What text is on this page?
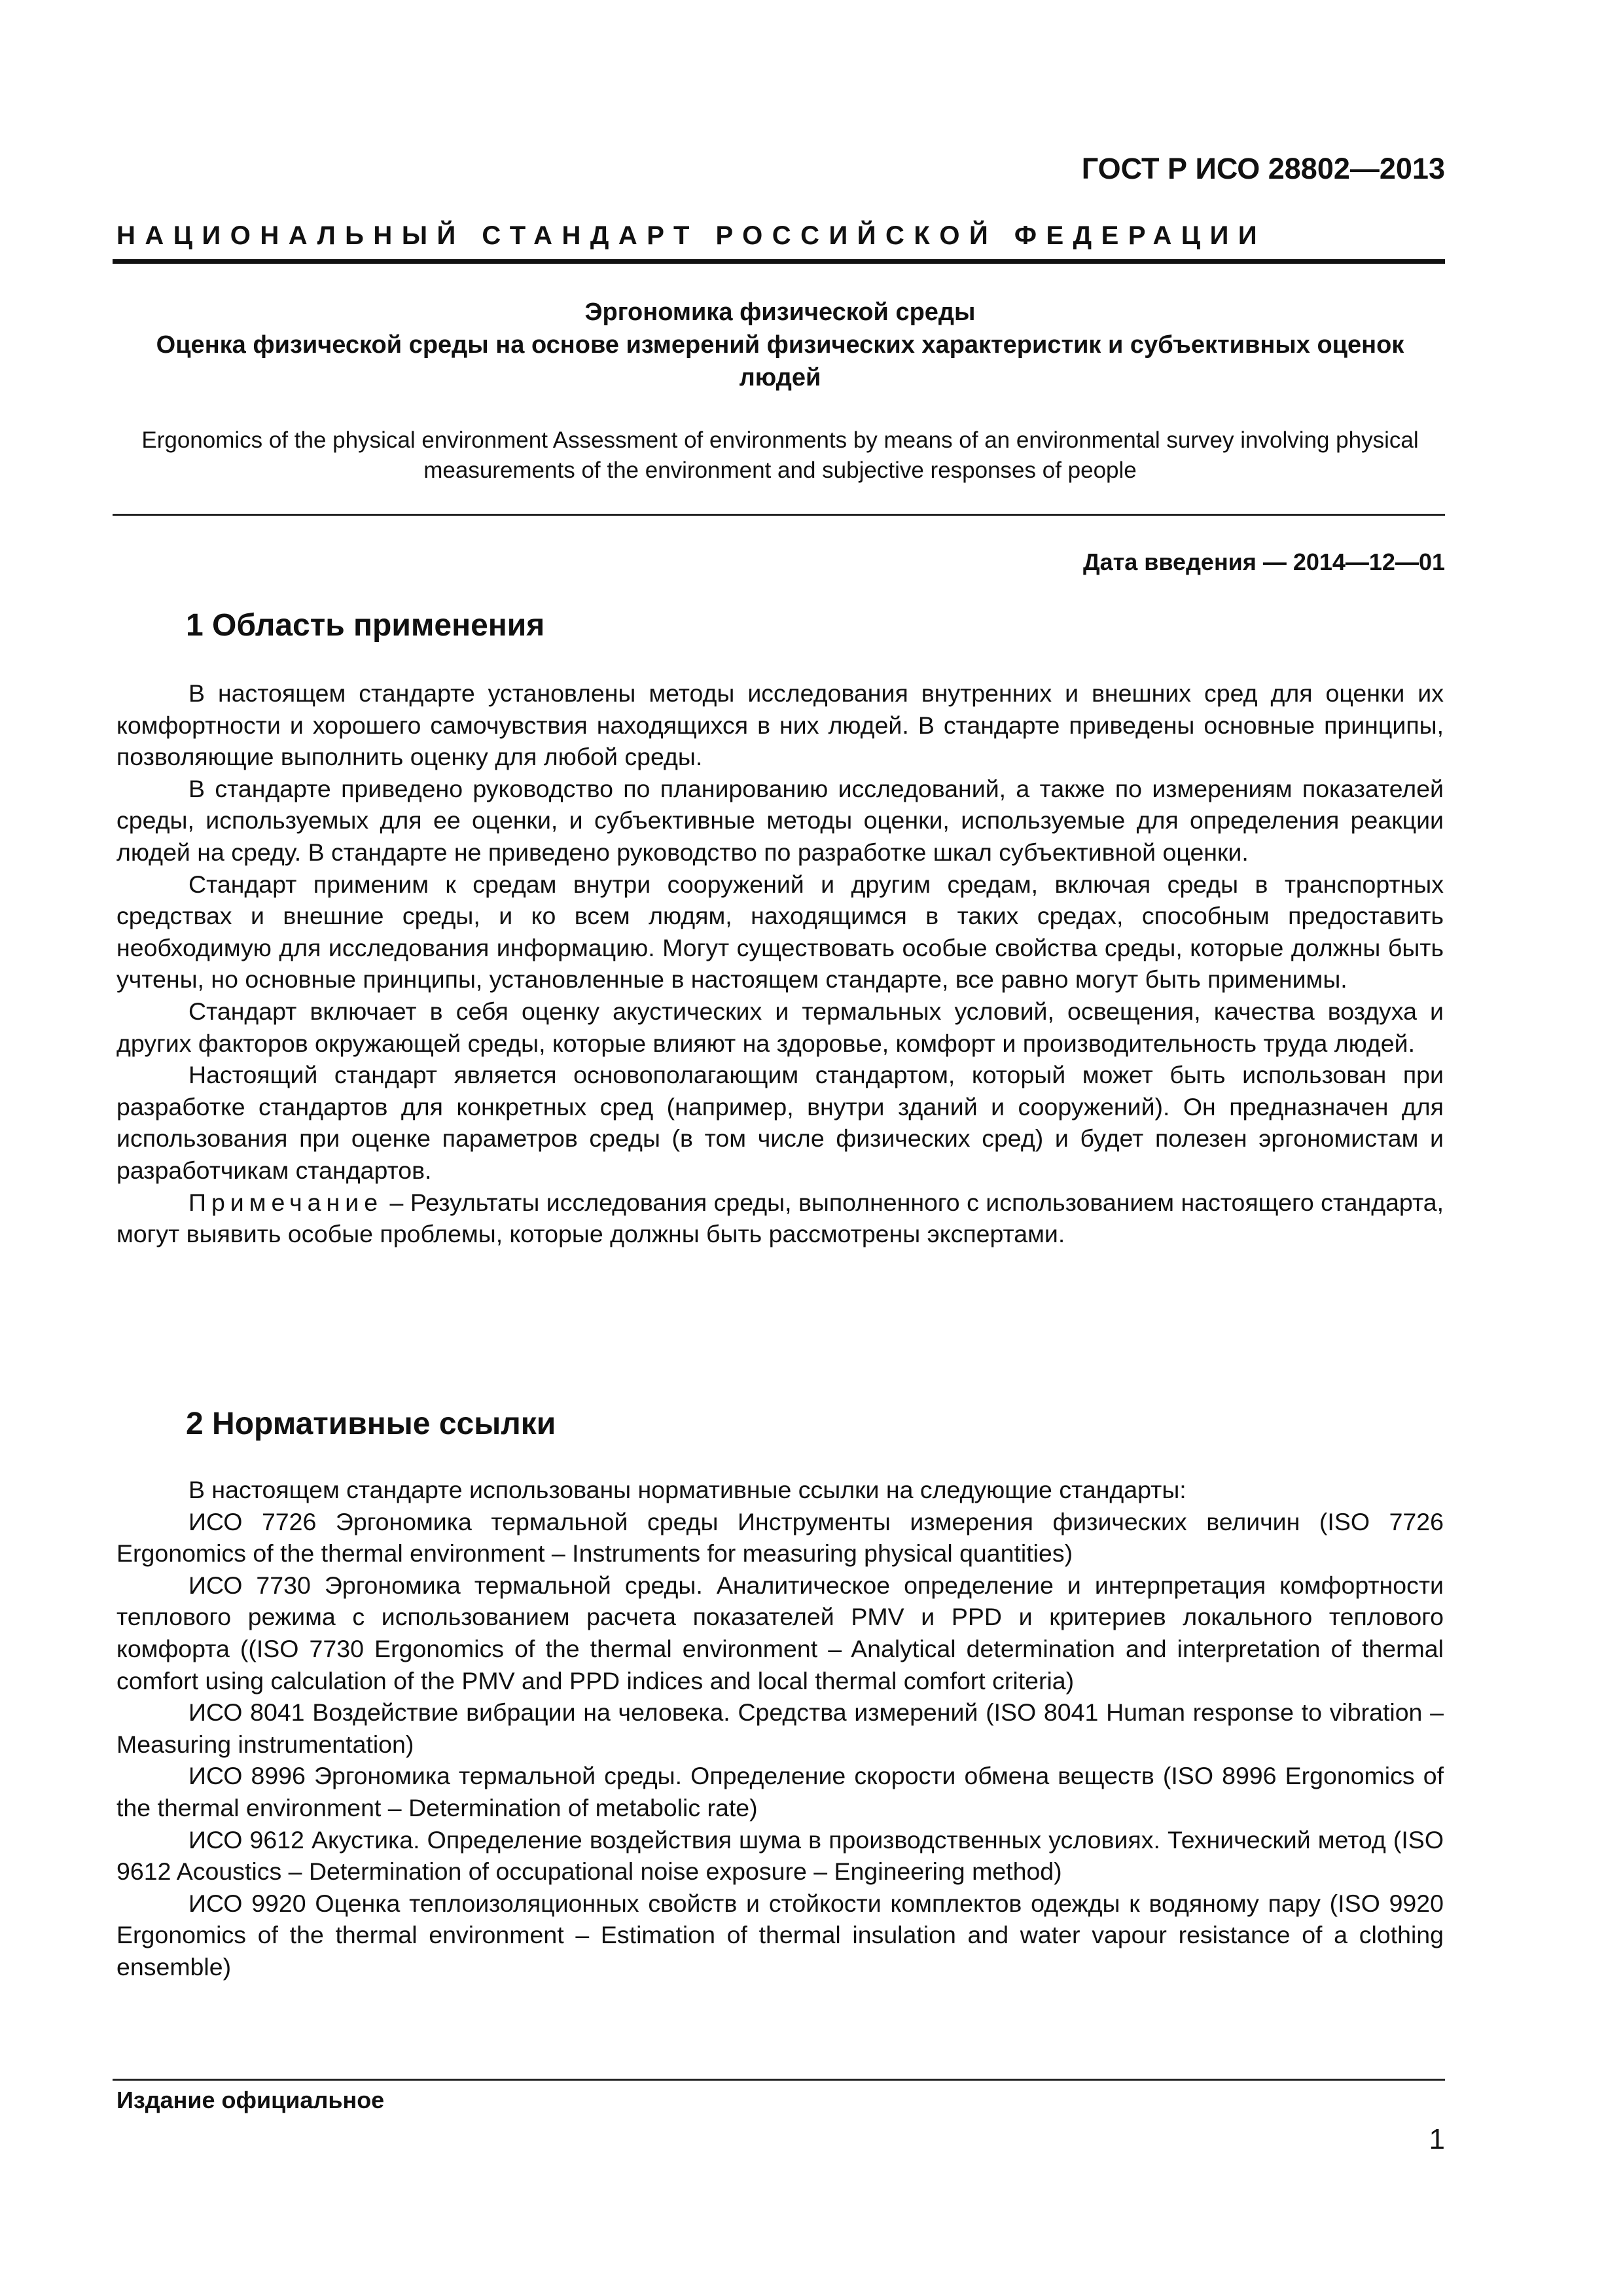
ГОСТ Р ИСО 28802—2013

НАЦИОНАЛЬНЫЙ СТАНДАРТ РОССИЙСКОЙ ФЕДЕРАЦИИ

Эргономика физической среды

Оценка физической среды на основе измерений физических характеристик и субъективных оценок людей

Ergonomics of the physical environment Assessment of environments by means of an environmental survey involving physical measurements of the environment and subjective responses of people

Дата введения — 2014—12—01

1 Область применения

В настоящем стандарте установлены методы исследования внутренних и внешних сред для оценки их комфортности и хорошего самочувствия находящихся в них людей. В стандарте приведены основные принципы, позволяющие выполнить оценку для любой среды.

В стандарте приведено руководство по планированию исследований, а также по измерениям показателей среды, используемых для ее оценки, и субъективные методы оценки, используемые для определения реакции людей на среду. В стандарте не приведено руководство по разработке шкал субъективной оценки.

Стандарт применим к средам внутри сооружений и другим средам, включая среды в транспортных средствах и внешние среды, и ко всем людям, находящимся в таких средах, способным предоставить необходимую для исследования информацию. Могут существовать особые свойства среды, которые должны быть учтены, но основные принципы, установленные в настоящем стандарте, все равно могут быть применимы.

Стандарт включает в себя оценку акустических и термальных условий, освещения, качества воздуха и других факторов окружающей среды, которые влияют на здоровье, комфорт и производительность труда людей.

Настоящий стандарт является основополагающим стандартом, который может быть использован при разработке стандартов для конкретных сред (например, внутри зданий и сооружений). Он предназначен для использования при оценке параметров среды (в том числе физических сред) и будет полезен эргономистам и разработчикам стандартов.

Примечание – Результаты исследования среды, выполненного с использованием настоящего стандарта, могут выявить особые проблемы, которые должны быть рассмотрены экспертами.

2 Нормативные ссылки

В настоящем стандарте использованы нормативные ссылки на следующие стандарты:

ИСО 7726 Эргономика термальной среды Инструменты измерения физических величин (ISO 7726 Ergonomics of the thermal environment – Instruments for measuring physical quantities)

ИСО 7730 Эргономика термальной среды. Аналитическое определение и интерпретация комфортности теплового режима с использованием расчета показателей PMV и PPD и критериев локального теплового комфорта ((ISO 7730 Ergonomics of the thermal environment – Analytical determination and interpretation of thermal comfort using calculation of the PMV and PPD indices and local thermal comfort criteria)

ИСО 8041 Воздействие вибрации на человека. Средства измерений (ISO 8041 Human response to vibration – Measuring instrumentation)

ИСО 8996 Эргономика термальной среды. Определение скорости обмена веществ (ISO 8996 Ergonomics of the thermal environment – Determination of metabolic rate)

ИСО 9612 Акустика. Определение воздействия шума в производственных условиях. Технический метод (ISO 9612 Acoustics – Determination of occupational noise exposure – Engineering method)

ИСО 9920 Оценка теплоизоляционных свойств и стойкости комплектов одежды к водяному пару (ISO 9920 Ergonomics of the thermal environment – Estimation of thermal insulation and water vapour resistance of a clothing ensemble)

Издание официальное

1
